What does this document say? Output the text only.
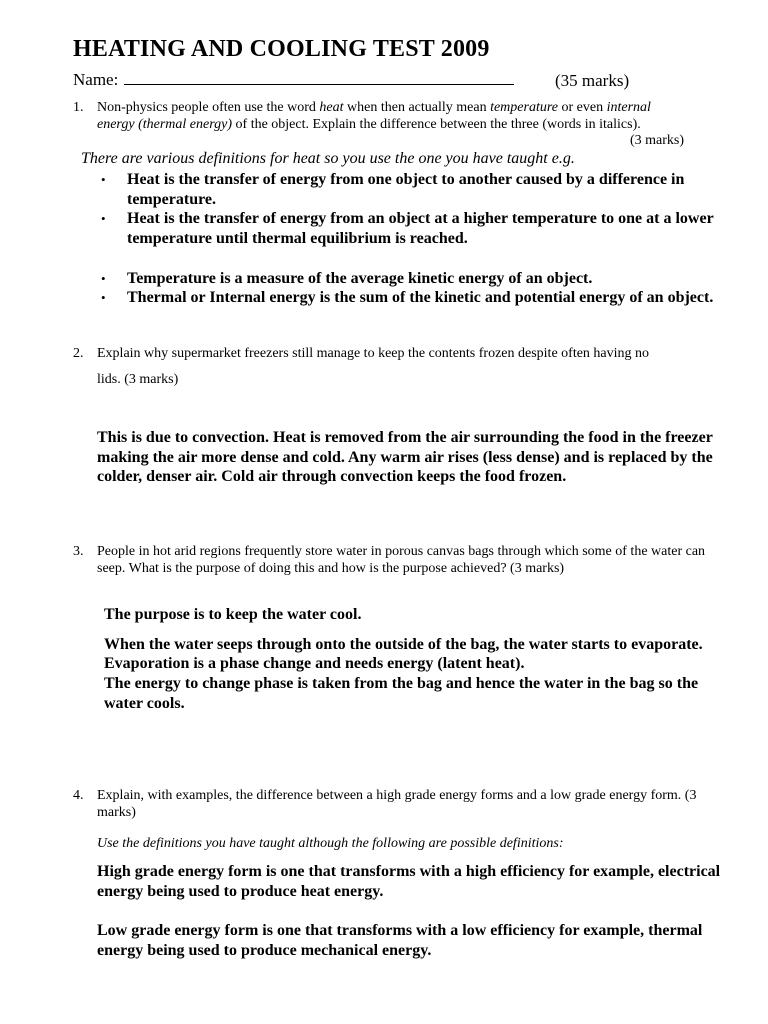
HEATING AND COOLING TEST 2009
Name:	(35 marks)
1. Non-physics people often use the word heat when then actually mean temperature or even internal
energy (thermal energy) of the object. Explain the difference between the three (words in italics).
(3 marks)
There are various definitions for heat so you use the one you have taught e.g.
• Heat is the transfer of energy from one object to another caused by a difference in temperature.
• Heat is the transfer of energy from an object at a higher temperature to one at a lower temperature until thermal equilibrium is reached.
• Temperature is a measure of the average kinetic energy of an object.
• Thermal or Internal energy is the sum of the kinetic and potential energy of an object.
2. Explain why supermarket freezers still manage to keep the contents frozen despite often having no
lids. (3 marks)
This is due to convection. Heat is removed from the air surrounding the food in the freezer making the air more dense and cold. Any warm air rises (less dense) and is replaced by the colder, denser air. Cold air through convection keeps the food frozen.
3. People in hot arid regions frequently store water in porous canvas bags through which some of the water can seep. What is the purpose of doing this and how is the purpose achieved? (3 marks)
The purpose is to keep the water cool.
When the water seeps through onto the outside of the bag, the water starts to evaporate.
Evaporation is a phase change and needs energy (latent heat).
The energy to change phase is taken from the bag and hence the water in the bag so the water cools.
4. Explain, with examples, the difference between a high grade energy forms and a low grade energy form. (3 marks)
Use the definitions you have taught although the following are possible definitions:
High grade energy form is one that transforms with a high efficiency for example, electrical energy being used to produce heat energy.
Low grade energy form is one that transforms with a low efficiency for example, thermal energy being used to produce mechanical energy.
